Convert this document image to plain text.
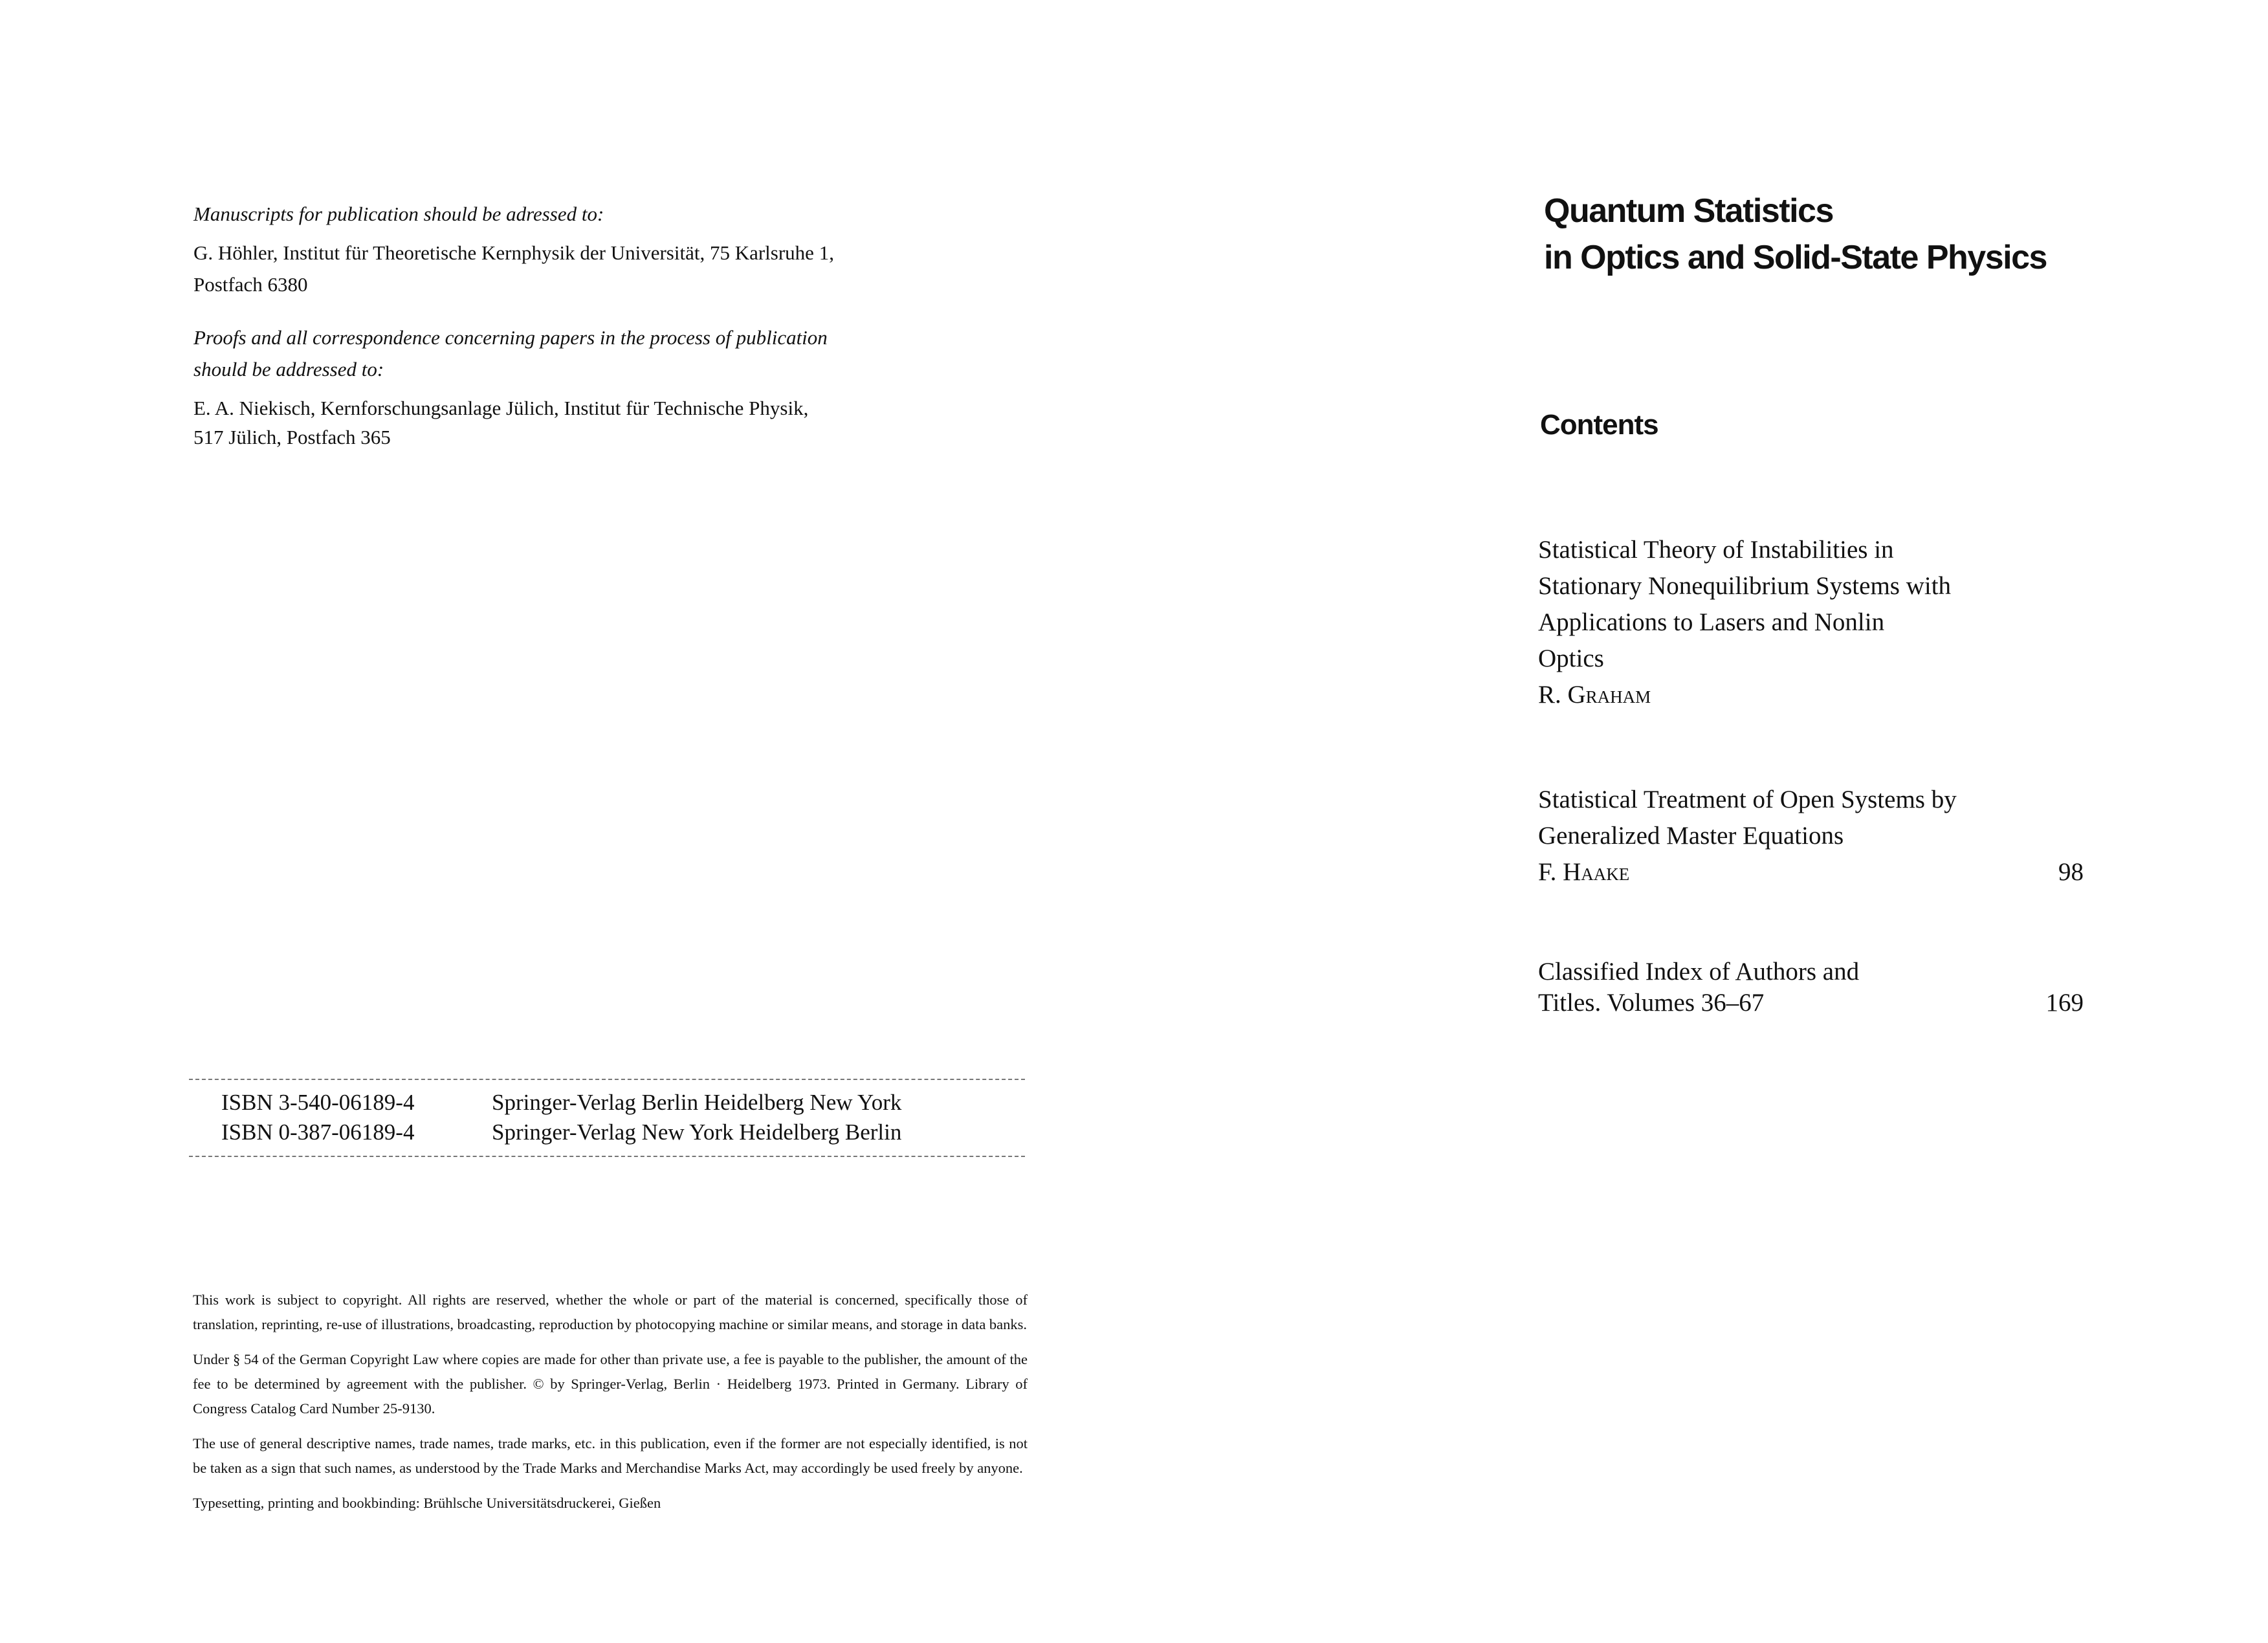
Manuscripts for publication should be adressed to:

G. Höhler, Institut für Theoretische Kernphysik der Universität, 75 Karlsruhe 1,

Postfach 6380

Proofs and all correspondence concerning papers in the process of publication

should be addressed to:

E. A. Niekisch, Kernforschungsanlage Jülich, Institut für Technische Physik,

517 Jülich, Postfach 365

ISBN 3-540-06189-4	Springer-Verlag Berlin Heidelberg New York
ISBN 0-387-06189-4	Springer-Verlag New York Heidelberg Berlin

This work is subject to copyright. All rights are reserved, whether the whole or part of the material is concerned, specifically those of translation, reprinting, re-use of illustrations, broadcasting, reproduction by photocopying machine or similar means, and storage in data banks.

Under § 54 of the German Copyright Law where copies are made for other than private use, a fee is payable to the publisher, the amount of the fee to be determined by agreement with the publisher. © by Springer-Verlag, Berlin · Heidelberg 1973. Printed in Germany. Library of Congress Catalog Card Number 25-9130.

The use of general descriptive names, trade names, trade marks, etc. in this publication, even if the former are not especially identified, is not be taken as a sign that such names, as understood by the Trade Marks and Merchandise Marks Act, may accordingly be used freely by anyone.

Typesetting, printing and bookbinding: Brühlsche Universitätsdruckerei, Gießen

Quantum Statistics
in Optics and Solid-State Physics
Contents
Statistical Theory of Instabilities in
Stationary Nonequilibrium Systems with
Applications to Lasers and Nonlin
Optics
R. Graham
Statistical Treatment of Open Systems by
Generalized Master Equations
F. Haake	98
Classified Index of Authors and
Titles. Volumes 36–67	169
